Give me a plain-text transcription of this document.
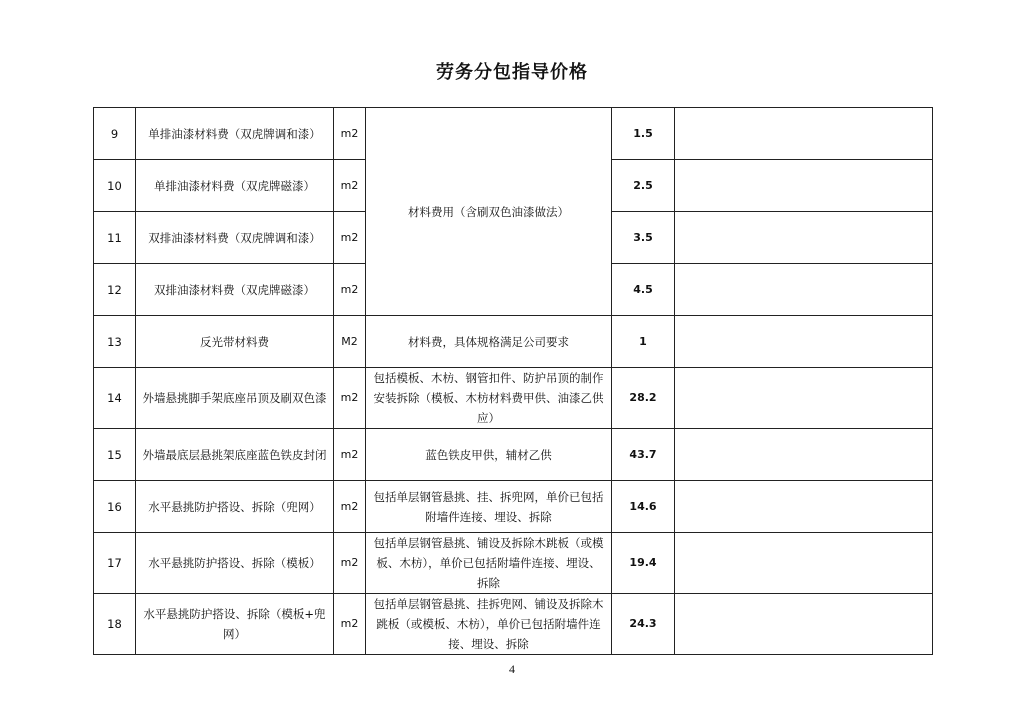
劳务分包指导价格
9	单排油漆材料费（双虎牌调和漆）	m2	材料费用（含刷双色油漆做法）	1.5	
10	单排油漆材料费（双虎牌磁漆）	m2		2.5	
11	双排油漆材料费（双虎牌调和漆）	m2		3.5	
12	双排油漆材料费（双虎牌磁漆）	m2		4.5	
13	反光带材料费	M2	材料费，具体规格满足公司要求	1	
14	外墙悬挑脚手架底座吊顶及刷双色漆	m2	包括模板、木枋、钢管扣件、防护吊顶的制作安装拆除（模板、木枋材料费甲供、油漆乙供应）	28.2	
15	外墙最底层悬挑架底座蓝色铁皮封闭	m2	蓝色铁皮甲供，辅材乙供	43.7	
16	水平悬挑防护搭设、拆除（兜网）	m2	包括单层钢管悬挑、挂、拆兜网，单价已包括附墙件连接、埋设、拆除	14.6	
17	水平悬挑防护搭设、拆除（模板）	m2	包括单层钢管悬挑、铺设及拆除木跳板（或模板、木枋），单价已包括附墙件连接、埋设、拆除	19.4	
18	水平悬挑防护搭设、拆除（模板+兜网）	m2	包括单层钢管悬挑、挂拆兜网、铺设及拆除木跳板（或模板、木枋），单价已包括附墙件连接、埋设、拆除	24.3	
4
